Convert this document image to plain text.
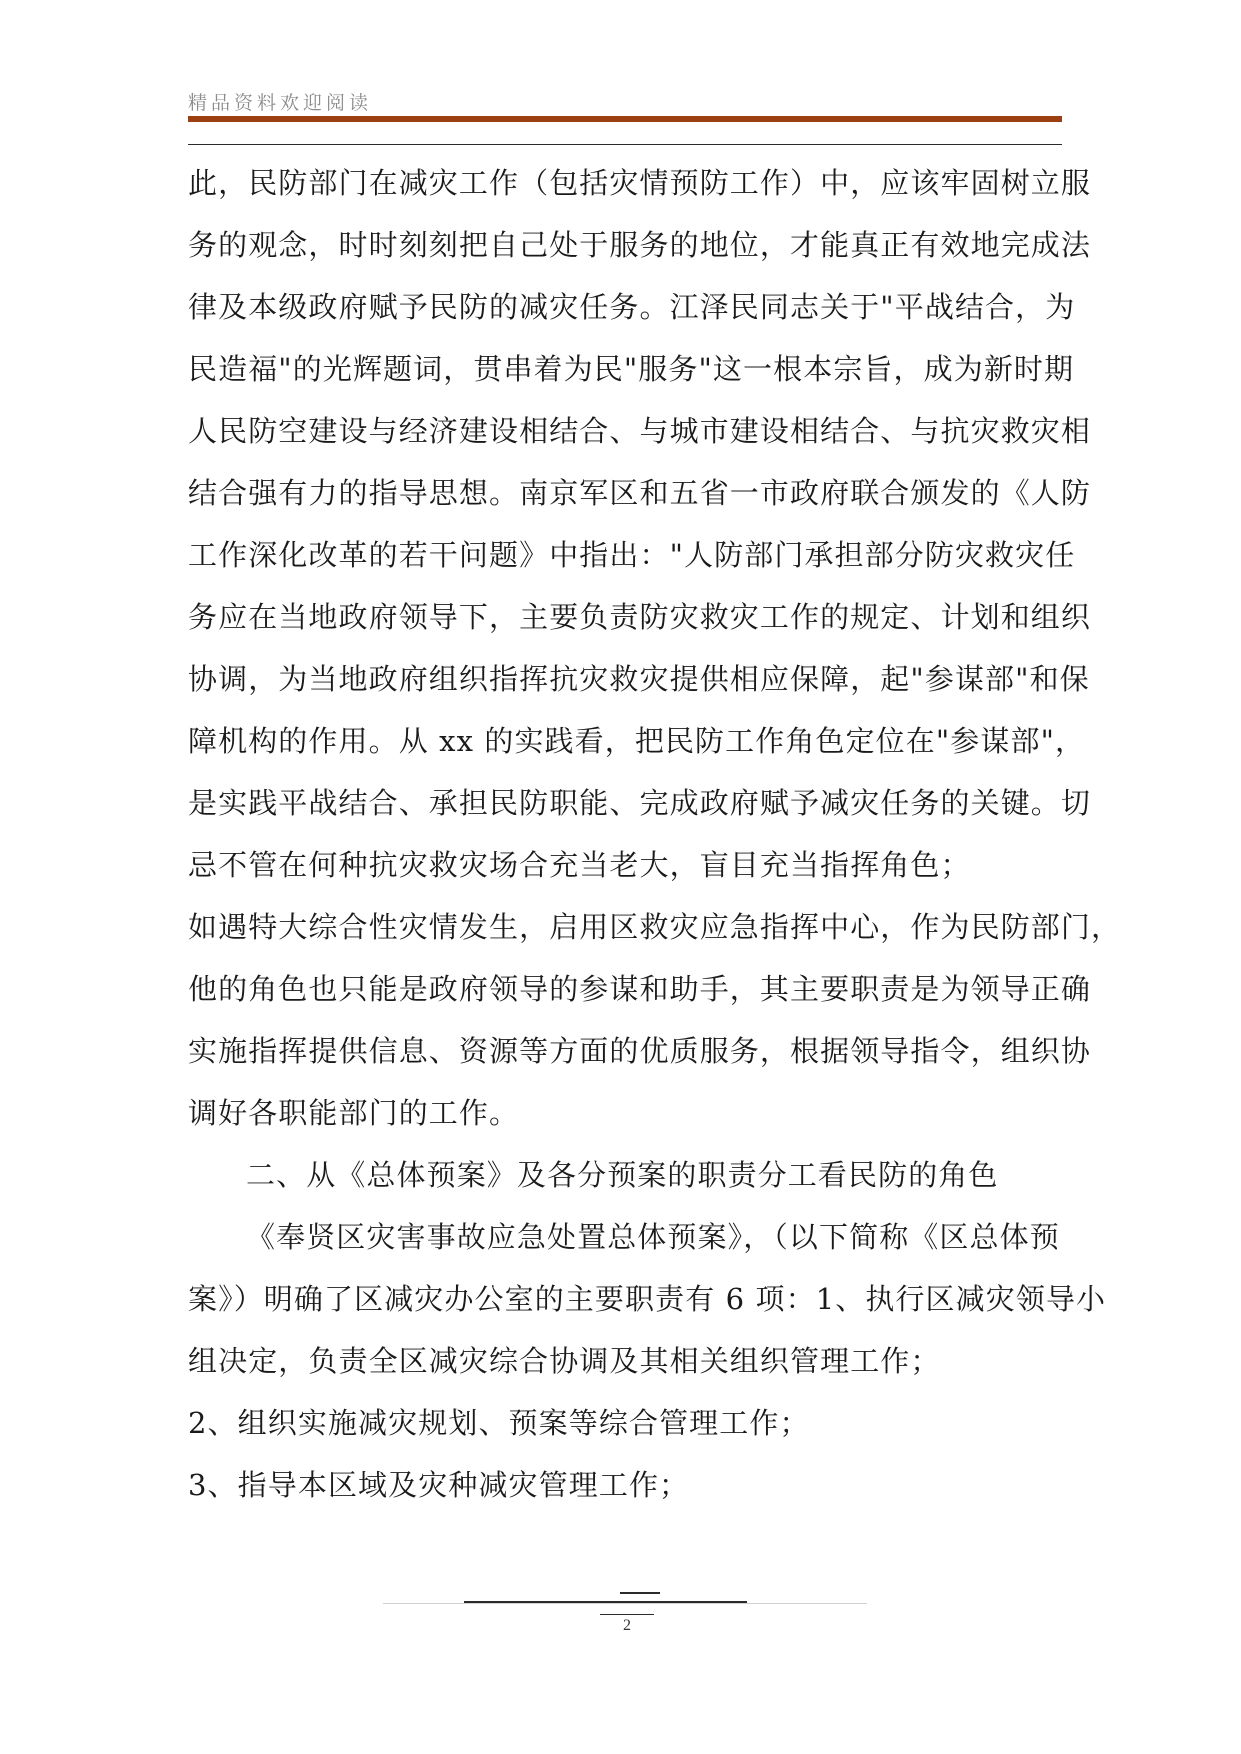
精品资料欢迎阅读
此，民防部门在减灾工作（包括灾情预防工作）中，应该牢固树立服
务的观念，时时刻刻把自己处于服务的地位，才能真正有效地完成法
律及本级政府赋予民防的减灾任务。江泽民同志关于"平战结合，为
民造福"的光辉题词，贯串着为民"服务"这一根本宗旨，成为新时期
人民防空建设与经济建设相结合、与城市建设相结合、与抗灾救灾相
结合强有力的指导思想。南京军区和五省一市政府联合颁发的《人防
工作深化改革的若干问题》中指出："人防部门承担部分防灾救灾任
务应在当地政府领导下，主要负责防灾救灾工作的规定、计划和组织
协调，为当地政府组织指挥抗灾救灾提供相应保障，起"参谋部"和保
障机构的作用。从 xx 的实践看，把民防工作角色定位在"参谋部"，
是实践平战结合、承担民防职能、完成政府赋予减灾任务的关键。切
忌不管在何种抗灾救灾场合充当老大，盲目充当指挥角色；
如遇特大综合性灾情发生，启用区救灾应急指挥中心，作为民防部门，
他的角色也只能是政府领导的参谋和助手，其主要职责是为领导正确
实施指挥提供信息、资源等方面的优质服务，根据领导指令，组织协
调好各职能部门的工作。
二、从《总体预案》及各分预案的职责分工看民防的角色
《奉贤区灾害事故应急处置总体预案》，（以下简称《区总体预
案》）明确了区减灾办公室的主要职责有 6 项：1、执行区减灾领导小
组决定，负责全区减灾综合协调及其相关组织管理工作；
2、组织实施减灾规划、预案等综合管理工作；
3、指导本区域及灾种减灾管理工作；
2
